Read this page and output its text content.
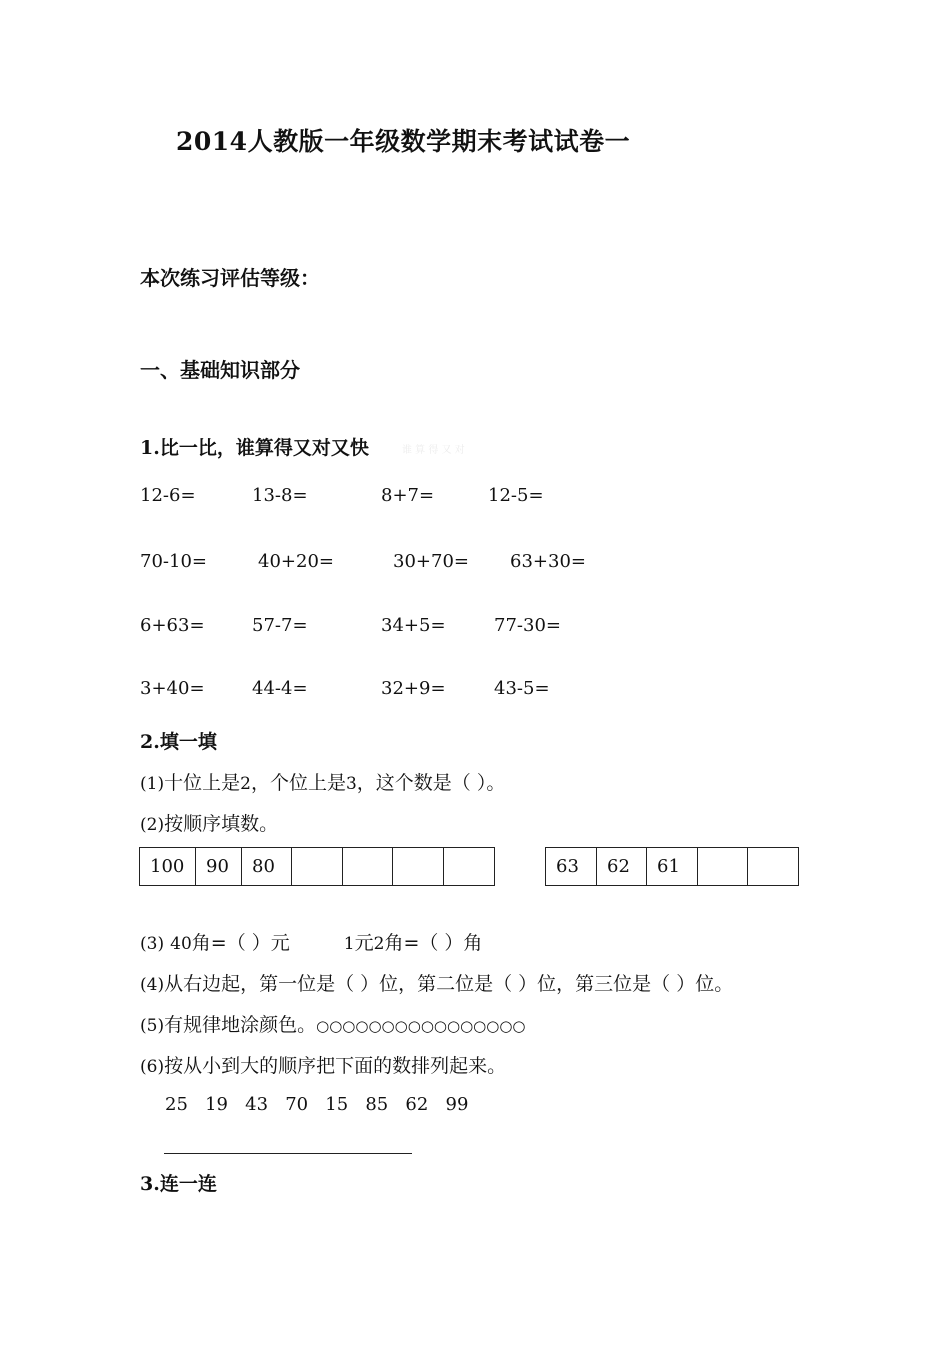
2014人教版一年级数学期末考试试卷一
本次练习评估等级：
一、基础知识部分
1.比一比，谁算得又对又快	谁 算 得 又 对
12-6=	13-8=	8+7=	12-5=
70-10=	40+20=	30+70= 63+30=
6+63=	57-7=	34+5=	77-30=
3+40=	44-4=	32+9=	43-5=
2.填一填
(1)十位上是2，个位上是3，这个数是（ ）。
(2)按顺序填数。
100	90	80					63	62	61		
(3) 40角=（ ）元	1元2角=（ ）角
(4)从右边起，第一位是（ ）位，第二位是（ ）位，第三位是（ ）位。
(5)有规律地涂颜色。○○○○○○○○○○○○○○○○
(6)按从小到大的顺序把下面的数排列起来。
25   19   43   70   15   85   62   99
3.连一连
